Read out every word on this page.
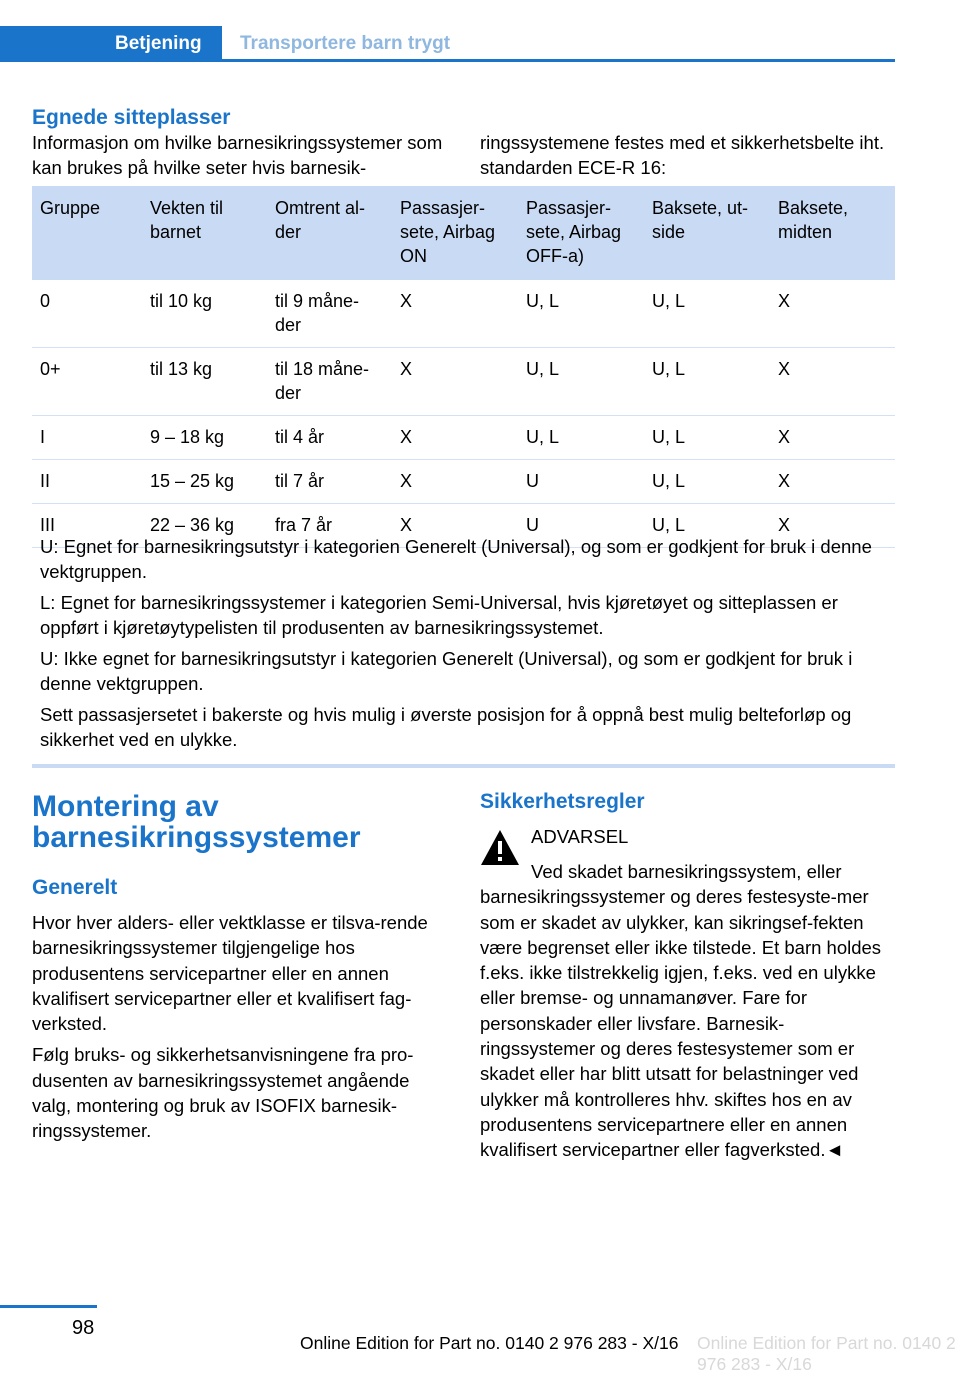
Betjening Transportere barn trygt
Egnede sitteplasser
Informasjon om hvilke barnesikringssystemer som kan brukes på hvilke seter hvis barnesik-
ringssystemene festes med et sikkerhetsbelte iht. standarden ECE-R 16:
Gruppe	Vekten til barnet	Omtrent al-der	Passasjer-sete, Airbag ON	Passasjer-sete, Airbag OFF-a)	Baksete, ut-side	Baksete, midten
0	til 10 kg	til 9 måne-der	X	U, L	U, L	X
0+	til 13 kg	til 18 måne-der	X	U, L	U, L	X
I	9 – 18 kg	til 4 år	X	U, L	U, L	X
II	15 – 25 kg	til 7 år	X	U	U, L	X
III	22 – 36 kg	fra 7 år	X	U	U, L	X

U: Egnet for barnesikringsutstyr i kategorien Generelt (Universal), og som er godkjent for bruk i denne vektgruppen.

L: Egnet for barnesikringssystemer i kategorien Semi-Universal, hvis kjøretøyet og sitteplassen er oppført i kjøretøytypelisten til produsenten av barnesikringssystemet.

U: Ikke egnet for barnesikringsutstyr i kategorien Generelt (Universal), og som er godkjent for bruk i denne vektgruppen.

Sett passasjersetet i bakerste og hvis mulig i øverste posisjon for å oppnå best mulig belteforløp og sikkerhet ved en ulykke.

Montering av barnesikringssystemer
Generelt

Hvor hver alders- eller vektklasse er tilsva-rende barnesikringssystemer tilgjengelige hos produsentens servicepartner eller en annen kvalifisert servicepartner eller et kvalifisert fag-verksted.

Følg bruks- og sikkerhetsanvisningene fra pro-dusenten av barnesikringssystemet angående valg, montering og bruk av ISOFIX barnesik-ringssystemer.

Sikkerhetsregler
ADVARSEL
Ved skadet barnesikringssystem, eller barnesikringssystemer og deres festesyste-mer som er skadet av ulykker, kan sikringsef-fekten være begrenset eller ikke tilstede. Et barn holdes f.eks. ikke tilstrekkelig igjen, f.eks. ved en ulykke eller bremse- og unnamanøver. Fare for personskader eller livsfare. Barnesik-ringssystemer og deres festesystemer som er skadet eller har blitt utsatt for belastninger ved ulykker må kontrolleres hhv. skiftes hos en av produsentens servicepartnere eller en annen kvalifisert servicepartner eller fagverksted.◄
98
Online Edition for Part no. 0140 2 976 283 - X/16 Online Edition for Part no. 0140 2 976 283 - X/16
